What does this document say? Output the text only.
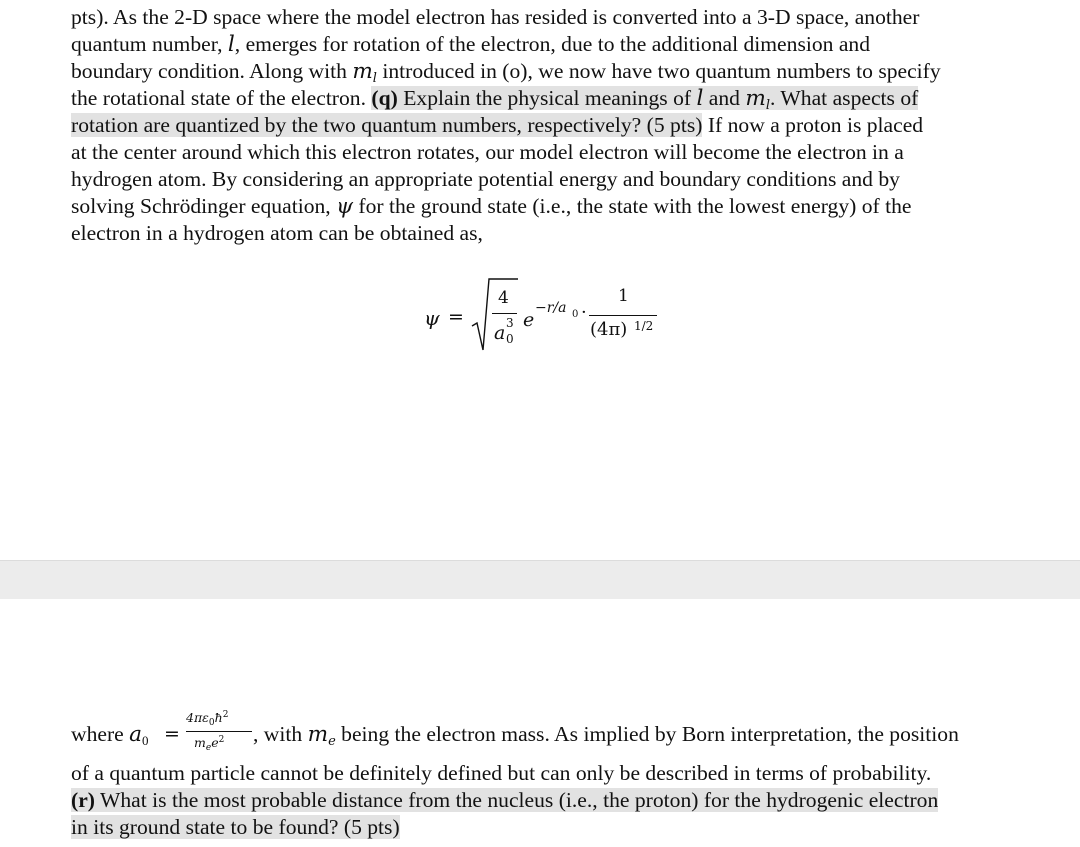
pts). As the 2-D space where the model electron has resided is converted into a 3-D space, another
quantum number, l, emerges for rotation of the electron, due to the additional dimension and
boundary condition. Along with $m_l$ introduced in (o), we now have two quantum numbers to specify
the rotational state of the electron. (q) Explain the physical meanings of l and $m_l$. What aspects of
rotation are quantized by the two quantum numbers, respectively? (5 pts) If now a proton is placed
at the center around which this electron rotates, our model electron will become the electron in a
hydrogen atom. By considering an appropriate potential energy and boundary conditions and by
solving Schrödinger equation, ψ for the ground state (i.e., the state with the lowest energy) of the
electron in a hydrogen atom can be obtained as,
ψ =
4
a 3
0
e
−r/a 0 ·
1
(4π) 1/2
where $a_0$ =
$4\pi\varepsilon_0ħ^2$
$m_ee^2$ , with $m_e$ being the electron mass. As implied by Born interpretation, the position
of a quantum particle cannot be definitely defined but can only be described in terms of probability.
(r) What is the most probable distance from the nucleus (i.e., the proton) for the hydrogenic electron
in its ground state to be found? (5 pts)
